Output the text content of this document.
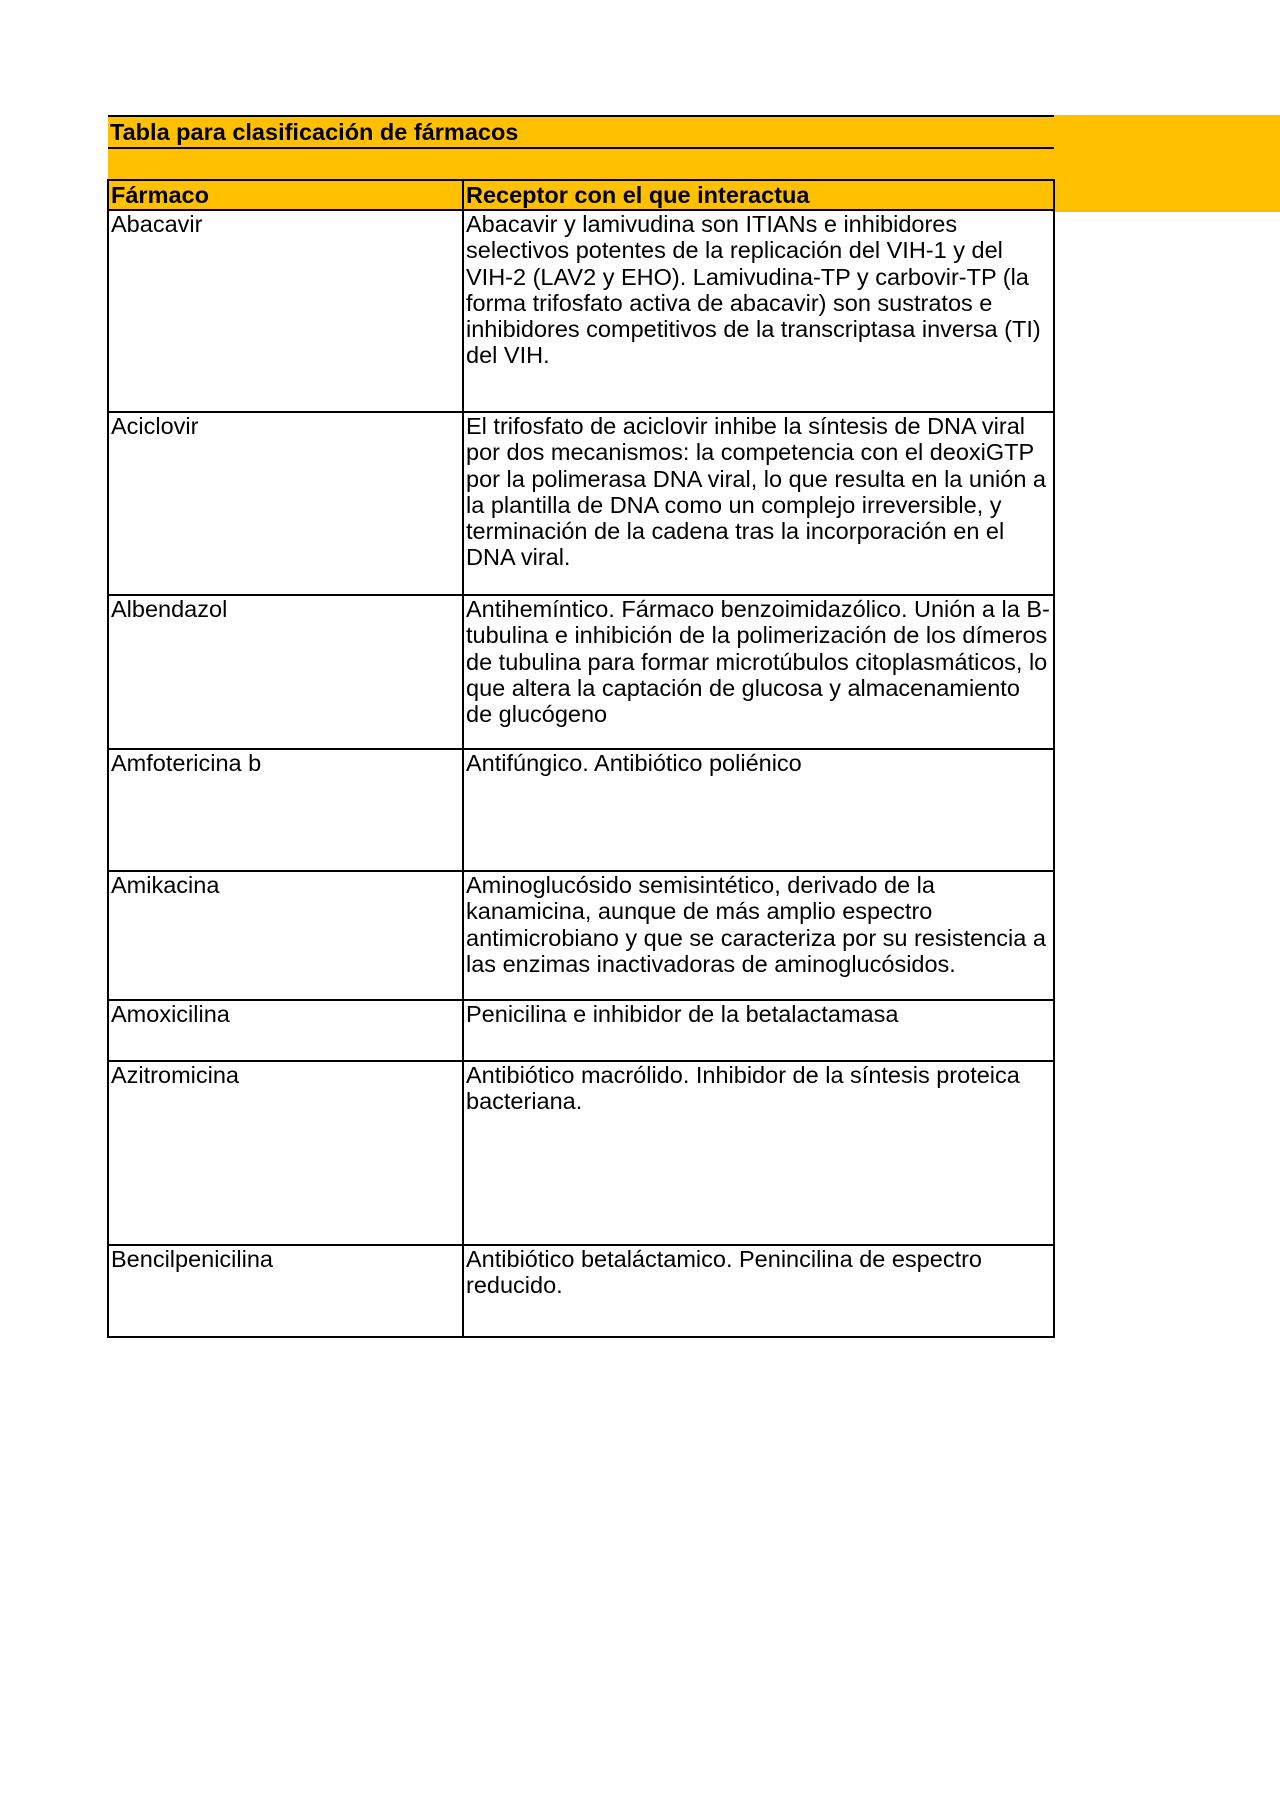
Tabla para clasificación de fármacos	

Fármaco	Receptor con el que interactua
Abacavir	Abacavir y lamivudina son ITIANs e inhibidores selectivos potentes de la replicación del VIH-1 y del VIH-2 (LAV2 y EHO). Lamivudina-TP y carbovir-TP (la forma trifosfato activa de abacavir) son sustratos e inhibidores competitivos de la transcriptasa inversa (TI) del VIH.
Aciclovir	El trifosfato de aciclovir inhibe la síntesis de DNA viral por dos mecanismos: la competencia con el deoxiGTP por la polimerasa DNA viral, lo que resulta en la unión a la plantilla de DNA como un complejo irreversible, y terminación de la cadena tras la incorporación en el DNA viral.
Albendazol	Antihemíntico. Fármaco benzoimidazólico. Unión a la B-tubulina e inhibición de la polimerización de los dímeros de tubulina para formar microtúbulos citoplasmáticos, lo que altera la captación de glucosa y almacenamiento de glucógeno
Amfotericina b	Antifúngico. Antibiótico poliénico
Amikacina	Aminoglucósido semisintético, derivado de la kanamicina, aunque de más amplio espectro antimicrobiano y que se caracteriza por su resistencia a las enzimas inactivadoras de aminoglucósidos.
Amoxicilina	Penicilina e inhibidor de la betalactamasa
Azitromicina	Antibiótico macrólido. Inhibidor de la síntesis proteica bacteriana.
Bencilpenicilina	Antibiótico betaláctamico. Penincilina de espectro reducido.
